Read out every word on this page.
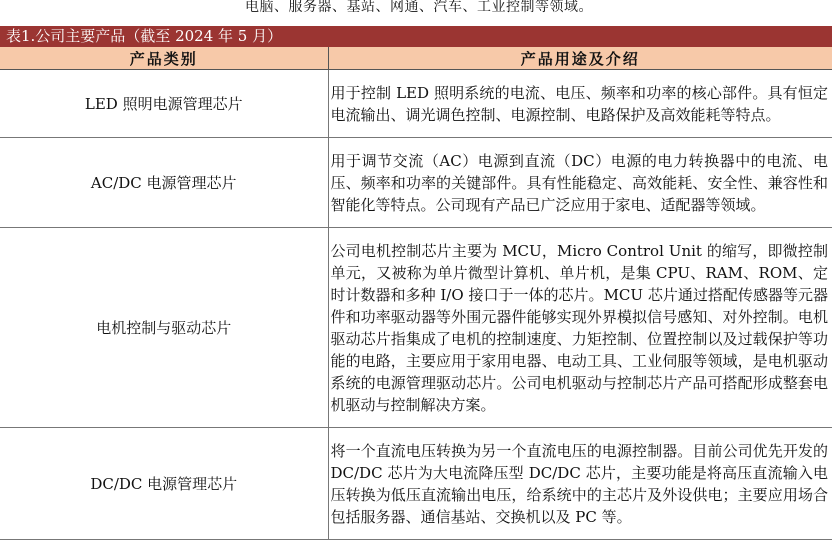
电脑、服务器、基站、网通、汽车、工业控制等领域。
表1.公司主要产品（截至 2024 年 5 月）
产品类别	产品用途及介绍
LED 照明电源管理芯片	用于控制 LED 照明系统的电流、电压、频率和功率的核心部件。具有恒定电流输出、调光调色控制、电源控制、电路保护及高效能耗等特点。
AC/DC 电源管理芯片	用于调节交流（AC）电源到直流（DC）电源的电力转换器中的电流、电压、频率和功率的关键部件。具有性能稳定、高效能耗、安全性、兼容性和智能化等特点。公司现有产品已广泛应用于家电、适配器等领域。
电机控制与驱动芯片	公司电机控制芯片主要为 MCU，Micro Control Unit 的缩写，即微控制单元，又被称为单片微型计算机、单片机，是集 CPU、RAM、ROM、定时计数器和多种 I/O 接口于一体的芯片。MCU 芯片通过搭配传感器等元器件和功率驱动器等外围元器件能够实现外界模拟信号感知、对外控制。电机驱动芯片指集成了电机的控制速度、力矩控制、位置控制以及过载保护等功能的电路，主要应用于家用电器、电动工具、工业伺服等领域，是电机驱动系统的电源管理驱动芯片。公司电机驱动与控制芯片产品可搭配形成整套电机驱动与控制解决方案。
DC/DC 电源管理芯片	将一个直流电压转换为另一个直流电压的电源控制器。目前公司优先开发的 DC/DC 芯片为大电流降压型 DC/DC 芯片，主要功能是将高压直流输入电压转换为低压直流输出电压，给系统中的主芯片及外设供电；主要应用场合包括服务器、通信基站、交换机以及 PC 等。
